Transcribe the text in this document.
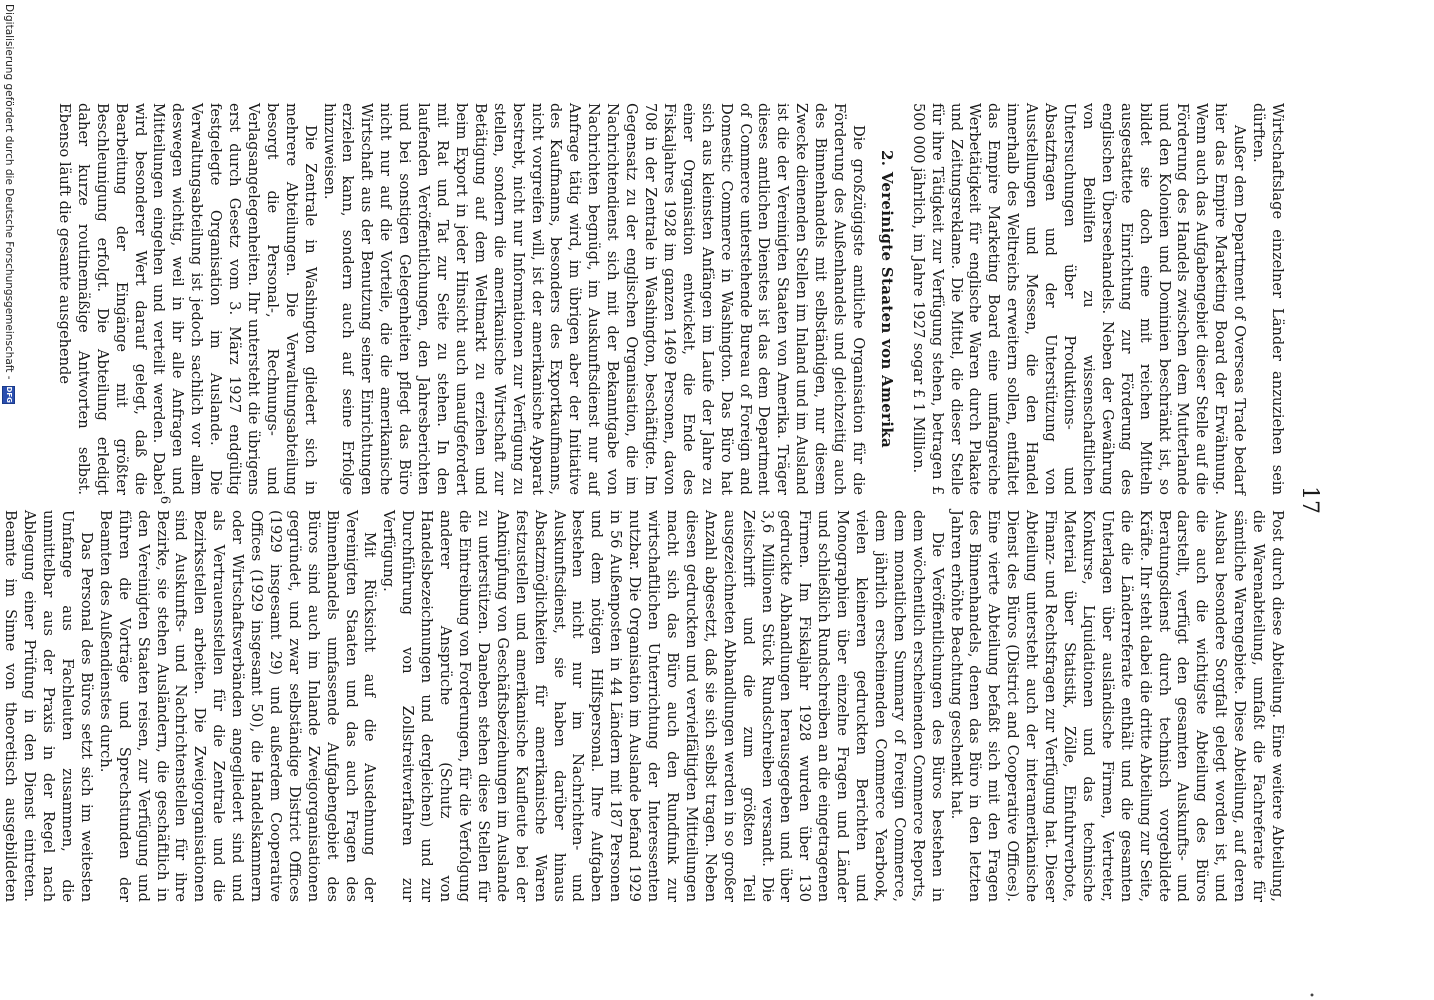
•
17

Wirtschaftslage einzelner Länder anzuziehen sein dürften.

Außer dem Department of Overseas Trade bedarf hier das Empire Marketing Board der Erwähnung. Wenn auch das Aufgabengebiet dieser Stelle auf die Förderung des Handels zwischen dem Mutterlande und den Kolonien und Dominien beschränkt ist, so bildet sie doch eine mit reichen Mitteln ausgestattete Einrichtung zur Förderung des englischen Überseehandels. Neben der Gewährung von Beihilfen zu wissenschaftlichen Untersuchungen über Produktions- und Absatzfragen und der Unterstützung von Ausstellungen und Messen, die den Handel innerhalb des Weltreichs erweitern sollen, entfaltet das Empire Marketing Board eine umfangreiche Werbetätigkeit für englische Waren durch Plakate und Zeitungsreklame. Die Mittel, die dieser Stelle für ihre Tätigkeit zur Verfügung stehen, betragen £ 500 000 jährlich, im Jahre 1927 sogar £ 1 Million.

2. Vereinigte Staaten von Amerika

Die großzügigste amtliche Organisation für die Förderung des Außenhandels und gleichzeitig auch des Binnenhandels mit selbständigen, nur diesem Zwecke dienenden Stellen im Inland und im Ausland ist die der Vereinigten Staaten von Amerika. Träger dieses amtlichen Dienstes ist das dem Department of Commerce unterstehende Bureau of Foreign and Domestic Commerce in Washington. Das Büro hat sich aus kleinsten Anfängen im Laufe der Jahre zu einer Organisation entwickelt, die Ende des Fiskaljahres 1928 im ganzen 1469 Personen, davon 708 in der Zentrale in Washington, beschäftigte. Im Gegensatz zu der englischen Organisation, die im Nachrichtendienst sich mit der Bekanntgabe von Nachrichten begnügt, im Auskunftsdienst nur auf Anfrage tätig wird, im übrigen aber der Initiative des Kaufmanns, besonders des Exportkaufmanns, nicht vorgreifen will, ist der amerikanische Apparat bestrebt, nicht nur Informationen zur Verfügung zu stellen, sondern die amerikanische Wirtschaft zur Betätigung auf dem Weltmarkt zu erziehen und beim Export in jeder Hinsicht auch unaufgefordert mit Rat und Tat zur Seite zu stehen. In den laufenden Veröffentlichungen, den Jahresberichten und bei sonstigen Gelegenheiten pflegt das Büro nicht nur auf die Vorteile, die die amerikanische Wirtschaft aus der Benutzung seiner Einrichtungen erzielen kann, sondern auch auf seine Erfolge hinzuweisen.

Die Zentrale in Washington gliedert sich in mehrere Abteilungen. Die Verwaltungsabteilung besorgt die Personal-, Rechnungs- und Verlagsangelegenheiten. Ihr untersteht die übrigens erst durch Gesetz vom 3. März 1927 endgültig festgelegte Organisation im Auslande. Die Verwaltungsabteilung ist jedoch sachlich vor allem deswegen wichtig, weil in ihr alle Anfragen und Mitteilungen eingehen und verteilt werden. Dabei wird besonderer Wert darauf gelegt, daß die Bearbeitung der Eingänge mit größter Beschleunigung erfolgt. Die Abteilung erledigt daher kurze routinemäßige Antworten selbst. Ebenso läuft die gesamte ausgehende

Post durch diese Abteilung. Eine weitere Abteilung, die Warenabteilung, umfaßt die Fachreferate für sämtliche Warengebiete. Diese Abteilung, auf deren Ausbau besondere Sorgfalt gelegt worden ist, und die auch die wichtigste Abteilung des Büros darstellt, verfügt den gesamten Auskunfts- und Beratungsdienst durch technisch vorgebildete Kräfte. Ihr steht dabei die dritte Abteilung zur Seite, die die Länderreferate enthält und die gesamten Unterlagen über ausländische Firmen, Vertreter, Konkurse, Liquidationen und das technische Material über Statistik, Zölle, Einfuhrverbote, Finanz- und Rechtsfragen zur Verfügung hat. Dieser Abteilung untersteht auch der interamerikanische Dienst des Büros (District and Cooperative Offices). Eine vierte Abteilung befaßt sich mit den Fragen des Binnenhandels, denen das Büro in den letzten Jahren erhöhte Beachtung geschenkt hat.

Die Veröffentlichungen des Büros bestehen in dem wöchentlich erscheinenden Commerce Reports, dem monatlichen Summary of Foreign Commerce, dem jährlich erscheinenden Commerce Yearbook, vielen kleineren gedruckten Berichten und Monographien über einzelne Fragen und Länder und schließlich Rundschreiben an die eingetragenen Firmen. Im Fiskaljahr 1928 wurden über 130 gedruckte Abhandlungen herausgegeben und über 3,6 Millionen Stück Rundschreiben versandt. Die Zeitschrift und die zum größten Teil ausgezeichneten Abhandlungen werden in so großer Anzahl abgesetzt, daß sie sich selbst tragen. Neben diesen gedruckten und vervielfältigten Mitteilungen macht sich das Büro auch den Rundfunk zur wirtschaftlichen Unterrichtung der Interessenten nutzbar. Die Organisation im Auslande befand 1929 in 56 Außenposten in 44 Ländern mit 187 Personen und dem nötigen Hilfspersonal. Ihre Aufgaben bestehen nicht nur im Nachrichten- und Auskunftsdienst, sie haben darüber hinaus Absatzmöglichkeiten für amerikanische Waren festzustellen und amerikanische Kaufleute bei der Anknüpfung von Geschäftsbeziehungen im Auslande zu unterstützen. Daneben stehen diese Stellen für die Eintreibung von Forderungen, für die Verfolgung anderer Ansprüche (Schutz von Handelsbezeichnungen und dergleichen) und zur Durchführung von Zollstreitverfahren zur Verfügung.

Mit Rücksicht auf die Ausdehnung der Vereinigten Staaten und das auch Fragen des Binnenhandels umfassende Aufgabengebiet des Büros sind auch im Inlande Zweigorganisationen gegründet, und zwar selbständige District Offices (1929 insgesamt 29) und außerdem Cooperative Offices (1929 insgesamt 50), die Handelskammern oder Wirtschaftsverbänden angegliedert sind und als Vertrauensstellen für die Zentrale und die Bezirksstellen arbeiten. Die Zweigorganisationen sind Auskunfts- und Nachrichtenstellen für ihre Bezirke, sie stehen Ausländern, die geschäftlich in den Vereinigten Staaten reisen, zur Verfügung und führen die Vorträge und Sprechstunden der Beamten des Außendienstes durch.

Das Personal des Büros setzt sich im weitesten Umfange aus Fachleuten zusammen, die unmittelbar aus der Praxis in der Regel nach Ablegung einer Prüfung in den Dienst eintreten. Beamte im Sinne von theoretisch ausgebildeten

6
Digitalisierung gefördert durch die Deutsche Forschungsgemeinschaft -
DFG
